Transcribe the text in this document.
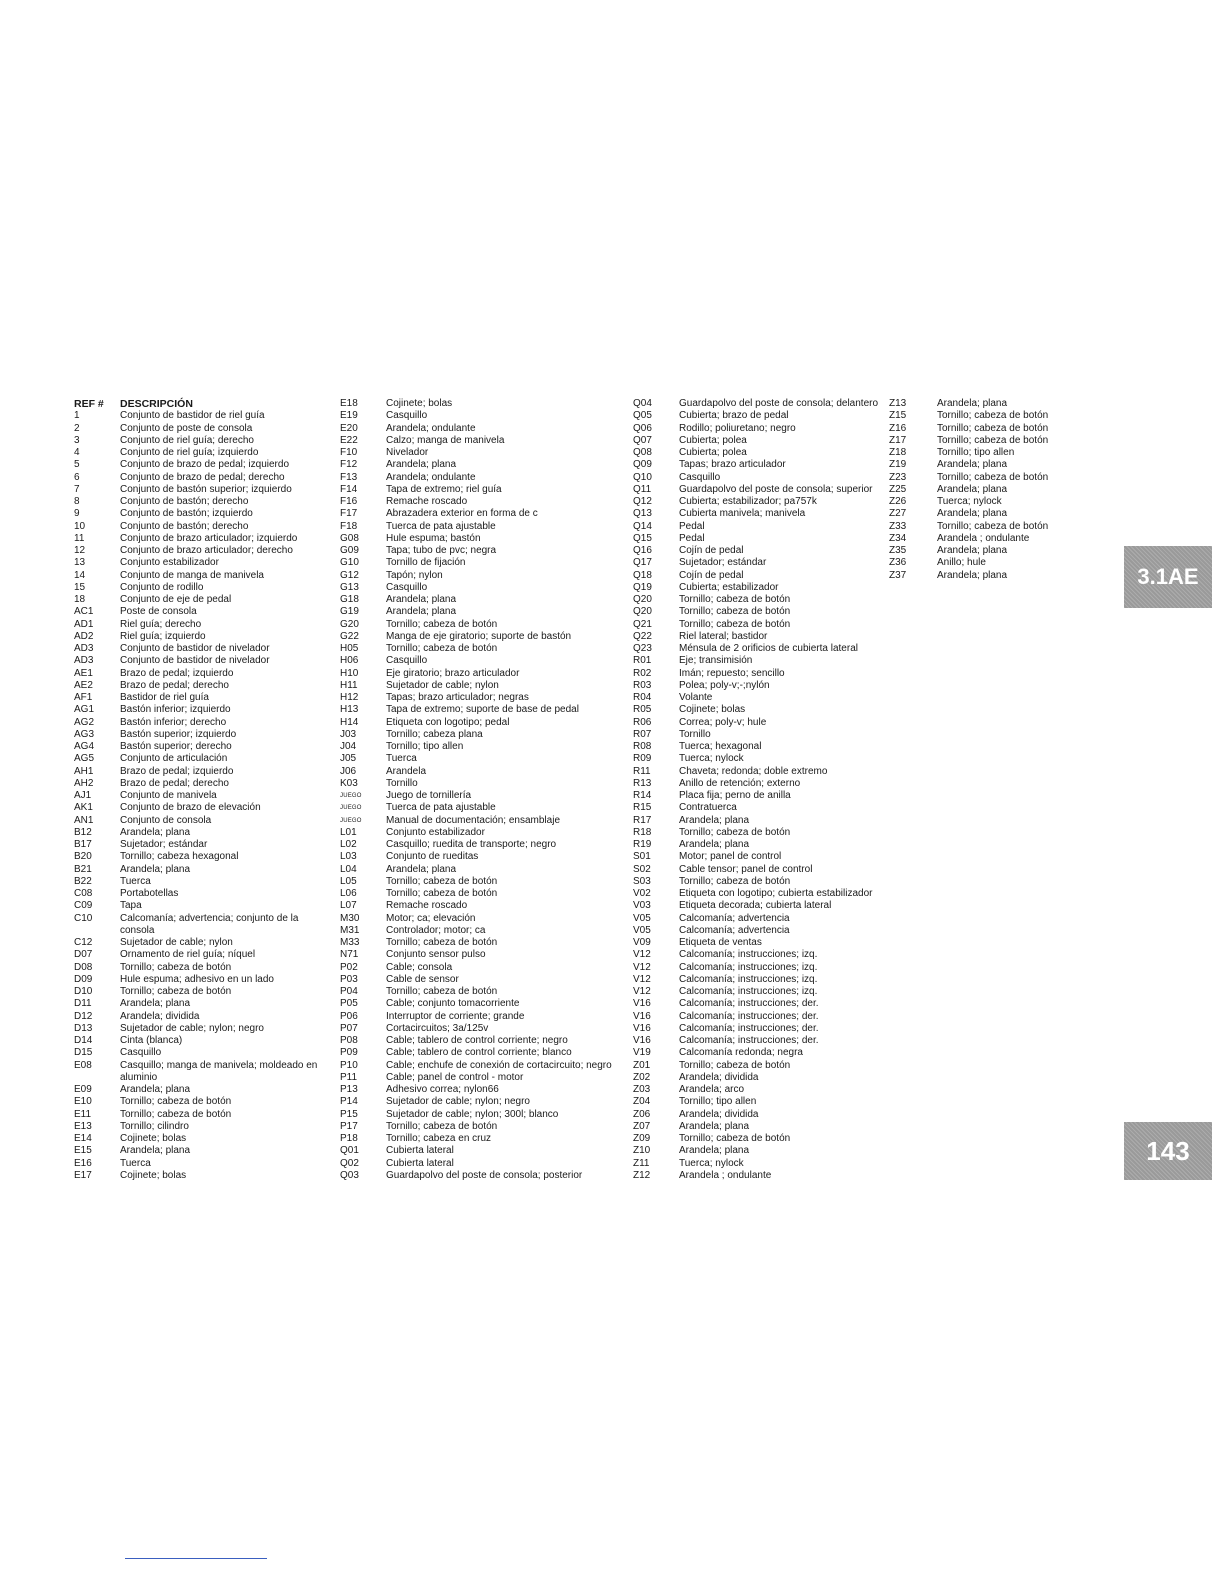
REF #	DESCRIPCIÓN
1	Conjunto de bastidor de riel guía
2	Conjunto de poste de consola
3	Conjunto de riel guía; derecho
4	Conjunto de riel guía; izquierdo
5	Conjunto de brazo de pedal; izquierdo
6	Conjunto de brazo de pedal; derecho
7	Conjunto de bastón superior; izquierdo
8	Conjunto de bastón; derecho
9	Conjunto de bastón; izquierdo
10	Conjunto de bastón; derecho
11	Conjunto de brazo articulador; izquierdo
12	Conjunto de brazo articulador; derecho
13	Conjunto estabilizador
14	Conjunto de manga de manivela
15	Conjunto de rodillo
18	Conjunto de eje de pedal
AC1	Poste de consola
AD1	Riel guía; derecho
AD2	Riel guía; izquierdo
AD3	Conjunto de bastidor de nivelador
AD3	Conjunto de bastidor de nivelador
AE1	Brazo de pedal; izquierdo
AE2	Brazo de pedal; derecho
AF1	Bastidor de riel guía
AG1	Bastón inferior; izquierdo
AG2	Bastón inferior; derecho
AG3	Bastón superior; izquierdo
AG4	Bastón superior; derecho
AG5	Conjunto de articulación
AH1	Brazo de pedal; izquierdo
AH2	Brazo de pedal; derecho
AJ1	Conjunto de manivela
AK1	Conjunto de brazo de elevación
AN1	Conjunto de consola
B12	Arandela; plana
B17	Sujetador; estándar
B20	Tornillo; cabeza hexagonal
B21	Arandela; plana
B22	Tuerca
C08	Portabotellas
C09	Tapa
C10	Calcomanía; advertencia; conjunto de la consola
C12	Sujetador de cable; nylon
D07	Ornamento de riel guía; níquel
D08	Tornillo; cabeza de botón
D09	Hule espuma; adhesivo en un lado
D10	Tornillo; cabeza de botón
D11	Arandela; plana
D12	Arandela; dividida
D13	Sujetador de cable; nylon; negro
D14	Cinta (blanca)
D15	Casquillo
E08	Casquillo; manga de manivela; moldeado en aluminio
E09	Arandela; plana
E10	Tornillo; cabeza de botón
E11	Tornillo; cabeza de botón
E13	Tornillo; cilindro
E14	Cojinete; bolas
E15	Arandela; plana
E16	Tuerca
E17	Cojinete; bolas
E18	Cojinete; bolas
E19	Casquillo
E20	Arandela; ondulante
E22	Calzo; manga de manivela
F10	Nivelador
F12	Arandela; plana
F13	Arandela; ondulante
F14	Tapa de extremo; riel guía
F16	Remache roscado
F17	Abrazadera exterior en forma de c
F18	Tuerca de pata ajustable
G08	Hule espuma; bastón
G09	Tapa; tubo de pvc; negra
G10	Tornillo de fijación
G12	Tapón; nylon
G13	Casquillo
G18	Arandela; plana
G19	Arandela; plana
G20	Tornillo; cabeza de botón
G22	Manga de eje giratorio; suporte de bastón
H05	Tornillo; cabeza de botón
H06	Casquillo
H10	Eje giratorio; brazo articulador
H11	Sujetador de cable; nylon
H12	Tapas; brazo articulador; negras
H13	Tapa de extremo; suporte de base de pedal
H14	Etiqueta con logotipo; pedal
J03	Tornillo; cabeza plana
J04	Tornillo; tipo allen
J05	Tuerca
J06	Arandela
K03	Tornillo
JUEGO	Juego de tornillería
JUEGO	Tuerca de pata ajustable
JUEGO	Manual de documentación; ensamblaje
L01	Conjunto estabilizador
L02	Casquillo; ruedita de transporte; negro
L03	Conjunto de rueditas
L04	Arandela; plana
L05	Tornillo; cabeza de botón
L06	Tornillo; cabeza de botón
L07	Remache roscado
M30	Motor; ca; elevación
M31	Controlador; motor; ca
M33	Tornillo; cabeza de botón
N71	Conjunto sensor pulso
P02	Cable; consola
P03	Cable de sensor
P04	Tornillo; cabeza de botón
P05	Cable; conjunto tomacorriente
P06	Interruptor de corriente; grande
P07	Cortacircuitos; 3a/125v
P08	Cable; tablero de control corriente; negro
P09	Cable; tablero de control corriente; blanco
P10	Cable; enchufe de conexión de cortacircuito; negro
P11	Cable; panel de control - motor
P13	Adhesivo correa; nylon66
P14	Sujetador de cable; nylon; negro
P15	Sujetador de cable; nylon; 300l; blanco
P17	Tornillo; cabeza de botón
P18	Tornillo; cabeza en cruz
Q01	Cubierta lateral
Q02	Cubierta lateral
Q03	Guardapolvo del poste de consola; posterior
Q04	Guardapolvo del poste de consola; delantero
Q05	Cubierta; brazo de pedal
Q06	Rodillo; poliuretano; negro
Q07	Cubierta; polea
Q08	Cubierta; polea
Q09	Tapas; brazo articulador
Q10	Casquillo
Q11	Guardapolvo del poste de consola; superior
Q12	Cubierta; estabilizador; pa757k
Q13	Cubierta manivela; manivela
Q14	Pedal
Q15	Pedal
Q16	Cojín de pedal
Q17	Sujetador; estándar
Q18	Cojín de pedal
Q19	Cubierta; estabilizador
Q20	Tornillo; cabeza de botón
Q20	Tornillo; cabeza de botón
Q21	Tornillo; cabeza de botón
Q22	Riel lateral; bastidor
Q23	Ménsula de 2 orificios de cubierta lateral
R01	Eje; transimisión
R02	Imán; repuesto; sencillo
R03	Polea; poly-v;-;nylón
R04	Volante
R05	Cojinete; bolas
R06	Correa; poly-v; hule
R07	Tornillo
R08	Tuerca; hexagonal
R09	Tuerca; nylock
R11	Chaveta; redonda; doble extremo
R13	Anillo de retención; externo
R14	Placa fija; perno de anilla
R15	Contratuerca
R17	Arandela; plana
R18	Tornillo; cabeza de botón
R19	Arandela; plana
S01	Motor; panel de control
S02	Cable tensor; panel de control
S03	Tornillo; cabeza de botón
V02	Etiqueta con logotipo; cubierta estabilizador
V03	Etiqueta decorada; cubierta lateral
V05	Calcomanía; advertencia
V05	Calcomanía; advertencia
V09	Etiqueta de ventas
V12	Calcomanía; instrucciones; izq.
V12	Calcomanía; instrucciones; izq.
V12	Calcomanía; instrucciones; izq.
V12	Calcomanía; instrucciones; izq.
V16	Calcomanía; instrucciones; der.
V16	Calcomanía; instrucciones; der.
V16	Calcomanía; instrucciones; der.
V16	Calcomanía; instrucciones; der.
V19	Calcomanía redonda; negra
Z01	Tornillo; cabeza de botón
Z02	Arandela; dividida
Z03	Arandela; arco
Z04	Tornillo; tipo allen
Z06	Arandela; dividida
Z07	Arandela; plana
Z09	Tornillo; cabeza de botón
Z10	Arandela; plana
Z11	Tuerca; nylock
Z12	Arandela ; ondulante
Z13	Arandela; plana
Z15	Tornillo; cabeza de botón
Z16	Tornillo; cabeza de botón
Z17	Tornillo; cabeza de botón
Z18	Tornillo; tipo allen
Z19	Arandela; plana
Z23	Tornillo; cabeza de botón
Z25	Arandela; plana
Z26	Tuerca; nylock
Z27	Arandela; plana
Z33	Tornillo; cabeza de botón
Z34	Arandela ; ondulante
Z35	Arandela; plana
Z36	Anillo; hule
Z37	Arandela; plana	3.1AE
143
